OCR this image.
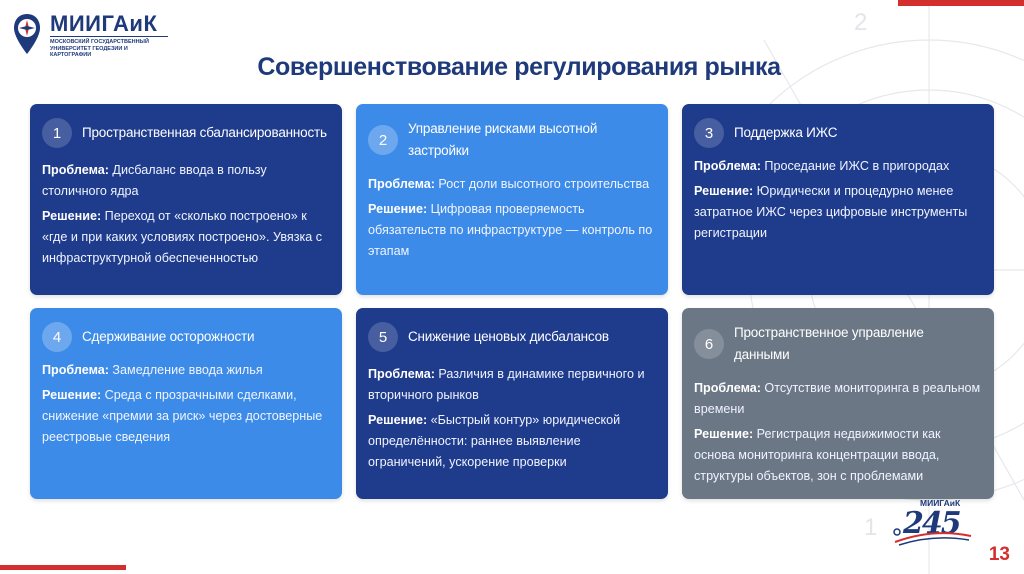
2
1
МИИГАиК
МОСКОВСКИЙ ГОСУДАРСТВЕННЫЙ
УНИВЕРСИТЕТ ГЕОДЕЗИИ И КАРТОГРАФИИ	Совершенствование регулирования рынка
1	Пространственная сбалансированность

Проблема: Дисбаланс ввода в пользу столичного ядра

Решение: Переход от «сколько построено» к «где и при каких условиях построено». Увязка с инфраструктурной обеспеченностью

2
Управление рисками высотной застройки

Проблема: Рост доли высотного строительства

Решение: Цифровая проверяемость обязательств по инфраструктуре — контроль по этапам

3	Поддержка ИЖС

Проблема: Проседание ИЖС в пригородах

Решение: Юридически и процедурно менее затратное ИЖС через цифровые инструменты регистрации

4	Сдерживание осторожности

Проблема: Замедление ввода жилья

Решение: Среда с прозрачными сделками, снижение «премии за риск» через достоверные реестровые сведения

5	Снижение ценовых дисбалансов

Проблема: Различия в динамике первичного и вторичного рынков

Решение: «Быстрый контур» юридической определённости: раннее выявление ограничений, ускорение проверки

6
Пространственное управление данными

Проблема: Отсутствие мониторинга в реальном времени

Решение: Регистрация недвижимости как основа мониторинга концентрации ввода, структуры объектов, зон с проблемами

МИИГАиК
245
13
